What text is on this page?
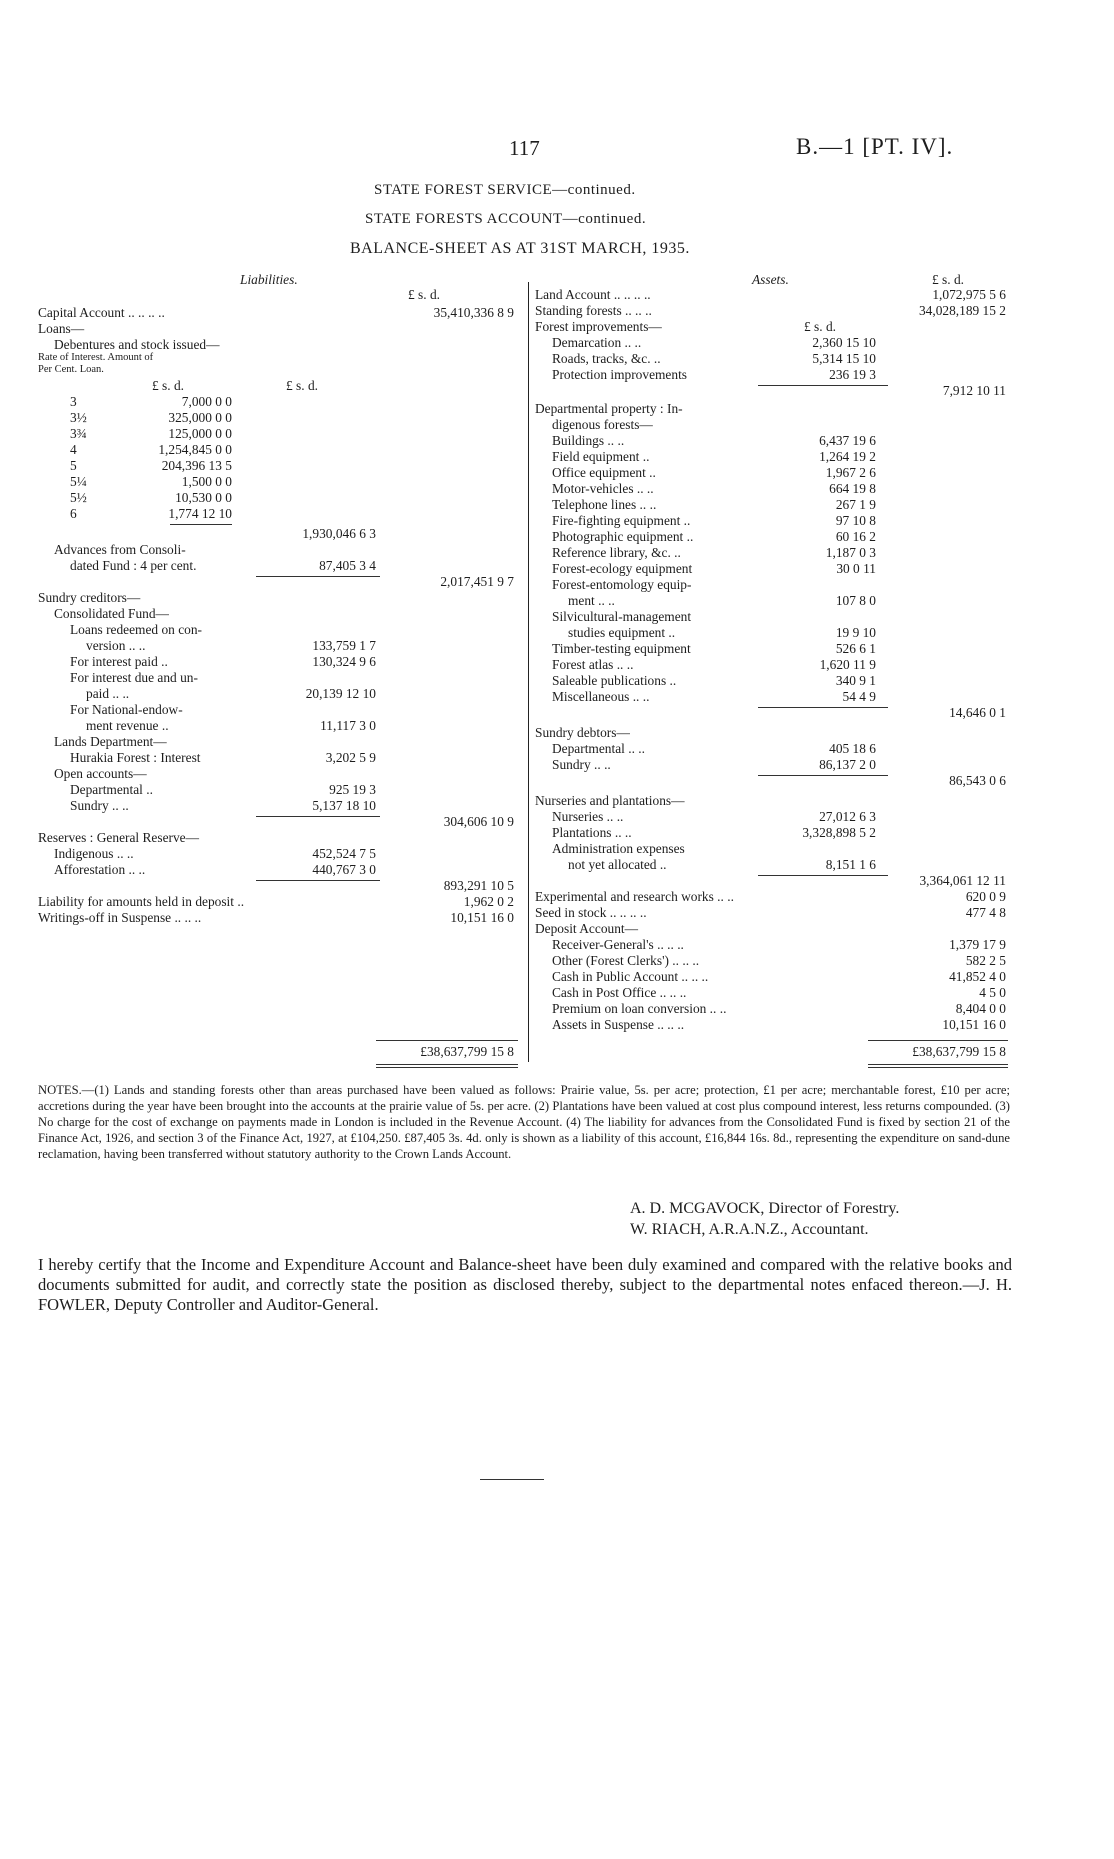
117	B.—1 [PT. IV].
STATE FOREST SERVICE—continued.
STATE FORESTS ACCOUNT—continued.
BALANCE-SHEET AS AT 31ST MARCH, 1935.
Liabilities.
£ s. d.
Capital Account .. .. .. ..	35,410,336 8 9
Loans—
Debentures and stock issued—
Rate of Interest. Amount of
Per Cent. Loan.
£ s. d.	£ s. d.
3	7,000 0 0
3½	325,000 0 0
3¾	125,000 0 0
4	1,254,845 0 0
5	204,396 13 5
5¼	1,500 0 0
5½	10,530 0 0
6	1,774 12 10
1,930,046 6 3
Advances from Consoli-
dated Fund : 4 per cent.	87,405 3 4
2,017,451 9 7
Sundry creditors—
Consolidated Fund—
Loans redeemed on con-
version .. ..	133,759 1 7
For interest paid ..	130,324 9 6
For interest due and un-
paid .. ..	20,139 12 10
For National-endow-
ment revenue ..	11,117 3 0
Lands Department—
Hurakia Forest : Interest	3,202 5 9
Open accounts—
Departmental ..	925 19 3
Sundry .. ..	5,137 18 10
304,606 10 9
Reserves : General Reserve—
Indigenous .. ..	452,524 7 5
Afforestation .. ..	440,767 3 0
893,291 10 5
Liability for amounts held in deposit ..	1,962 0 2
Writings-off in Suspense .. .. ..	10,151 16 0
£38,637,799 15 8
Assets.	£ s. d.
Land Account .. .. .. ..	1,072,975 5 6
Standing forests .. .. ..	34,028,189 15 2
Forest improvements—	£ s. d.
Demarcation .. ..	2,360 15 10
Roads, tracks, &c. ..	5,314 15 10
Protection improvements	236 19 3
7,912 10 11
Departmental property : In-
digenous forests—
Buildings .. ..	6,437 19 6
Field equipment ..	1,264 19 2
Office equipment ..	1,967 2 6
Motor-vehicles .. ..	664 19 8
Telephone lines .. ..	267 1 9
Fire-fighting equipment ..	97 10 8
Photographic equipment ..	60 16 2
Reference library, &c. ..	1,187 0 3
Forest-ecology equipment	30 0 11
Forest-entomology equip-
ment .. ..	107 8 0
Silvicultural-management
studies equipment ..	19 9 10
Timber-testing equipment	526 6 1
Forest atlas .. ..	1,620 11 9
Saleable publications ..	340 9 1
Miscellaneous .. ..	54 4 9
14,646 0 1
Sundry debtors—
Departmental .. ..	405 18 6
Sundry .. ..	86,137 2 0
86,543 0 6
Nurseries and plantations—
Nurseries .. ..	27,012 6 3
Plantations .. ..	3,328,898 5 2
Administration expenses
not yet allocated ..	8,151 1 6
3,364,061 12 11
Experimental and research works .. ..	620 0 9
Seed in stock .. .. .. ..	477 4 8
Deposit Account—
Receiver-General's .. .. ..	1,379 17 9
Other (Forest Clerks') .. .. ..	582 2 5
Cash in Public Account .. .. ..	41,852 4 0
Cash in Post Office .. .. ..	4 5 0
Premium on loan conversion .. ..	8,404 0 0
Assets in Suspense .. .. ..	10,151 16 0
£38,637,799 15 8
NOTES.—(1) Lands and standing forests other than areas purchased have been valued as follows: Prairie value, 5s. per acre; protection, £1 per acre; merchantable forest, £10 per acre; accretions during the year have been brought into the accounts at the prairie value of 5s. per acre. (2) Plantations have been valued at cost plus compound interest, less returns compounded. (3) No charge for the cost of exchange on payments made in London is included in the Revenue Account. (4) The liability for advances from the Consolidated Fund is fixed by section 21 of the Finance Act, 1926, and section 3 of the Finance Act, 1927, at £104,250. £87,405 3s. 4d. only is shown as a liability of this account, £16,844 16s. 8d., representing the expenditure on sand-dune reclamation, having been transferred without statutory authority to the Crown Lands Account.
A. D. MCGAVOCK, Director of Forestry.
W. RIACH, A.R.A.N.Z., Accountant.
I hereby certify that the Income and Expenditure Account and Balance-sheet have been duly examined and compared with the relative books and documents submitted for audit, and correctly state the position as disclosed thereby, subject to the departmental notes enfaced thereon.—J. H. FOWLER, Deputy Controller and Auditor-General.
